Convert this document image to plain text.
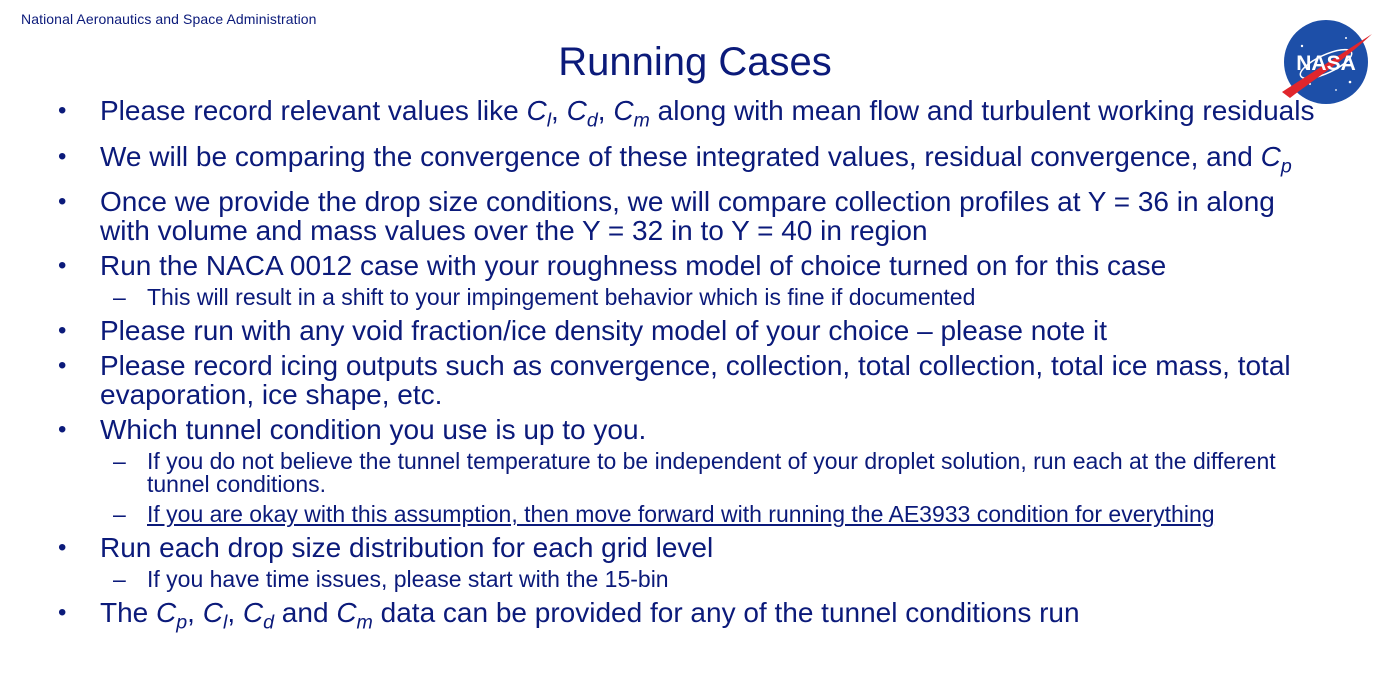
National Aeronautics and Space Administration
Running Cases	NASA
• Please record relevant values like $C_l$, $C_d$, $C_m$ along with mean flow and turbulent working residuals
• We will be comparing the convergence of these integrated values, residual convergence, and $C_p$
• Once we provide the drop size conditions, we will compare collection profiles at Y = 36 in along with volume and mass values over the Y = 32 in to Y = 40 in region
• Run the NACA 0012 case with your roughness model of choice turned on for this case
– This will result in a shift to your impingement behavior which is fine if documented
• Please run with any void fraction/ice density model of your choice – please note it
• Please record icing outputs such as convergence, collection, total collection, total ice mass, total evaporation, ice shape, etc.
• Which tunnel condition you use is up to you.
– If you do not believe the tunnel temperature to be independent of your droplet solution, run each at the different tunnel conditions.
– If you are okay with this assumption, then move forward with running the AE3933 condition for everything
• Run each drop size distribution for each grid level
– If you have time issues, please start with the 15-bin
• The $C_p$, $C_l$, $C_d$ and $C_m$ data can be provided for any of the tunnel conditions run
